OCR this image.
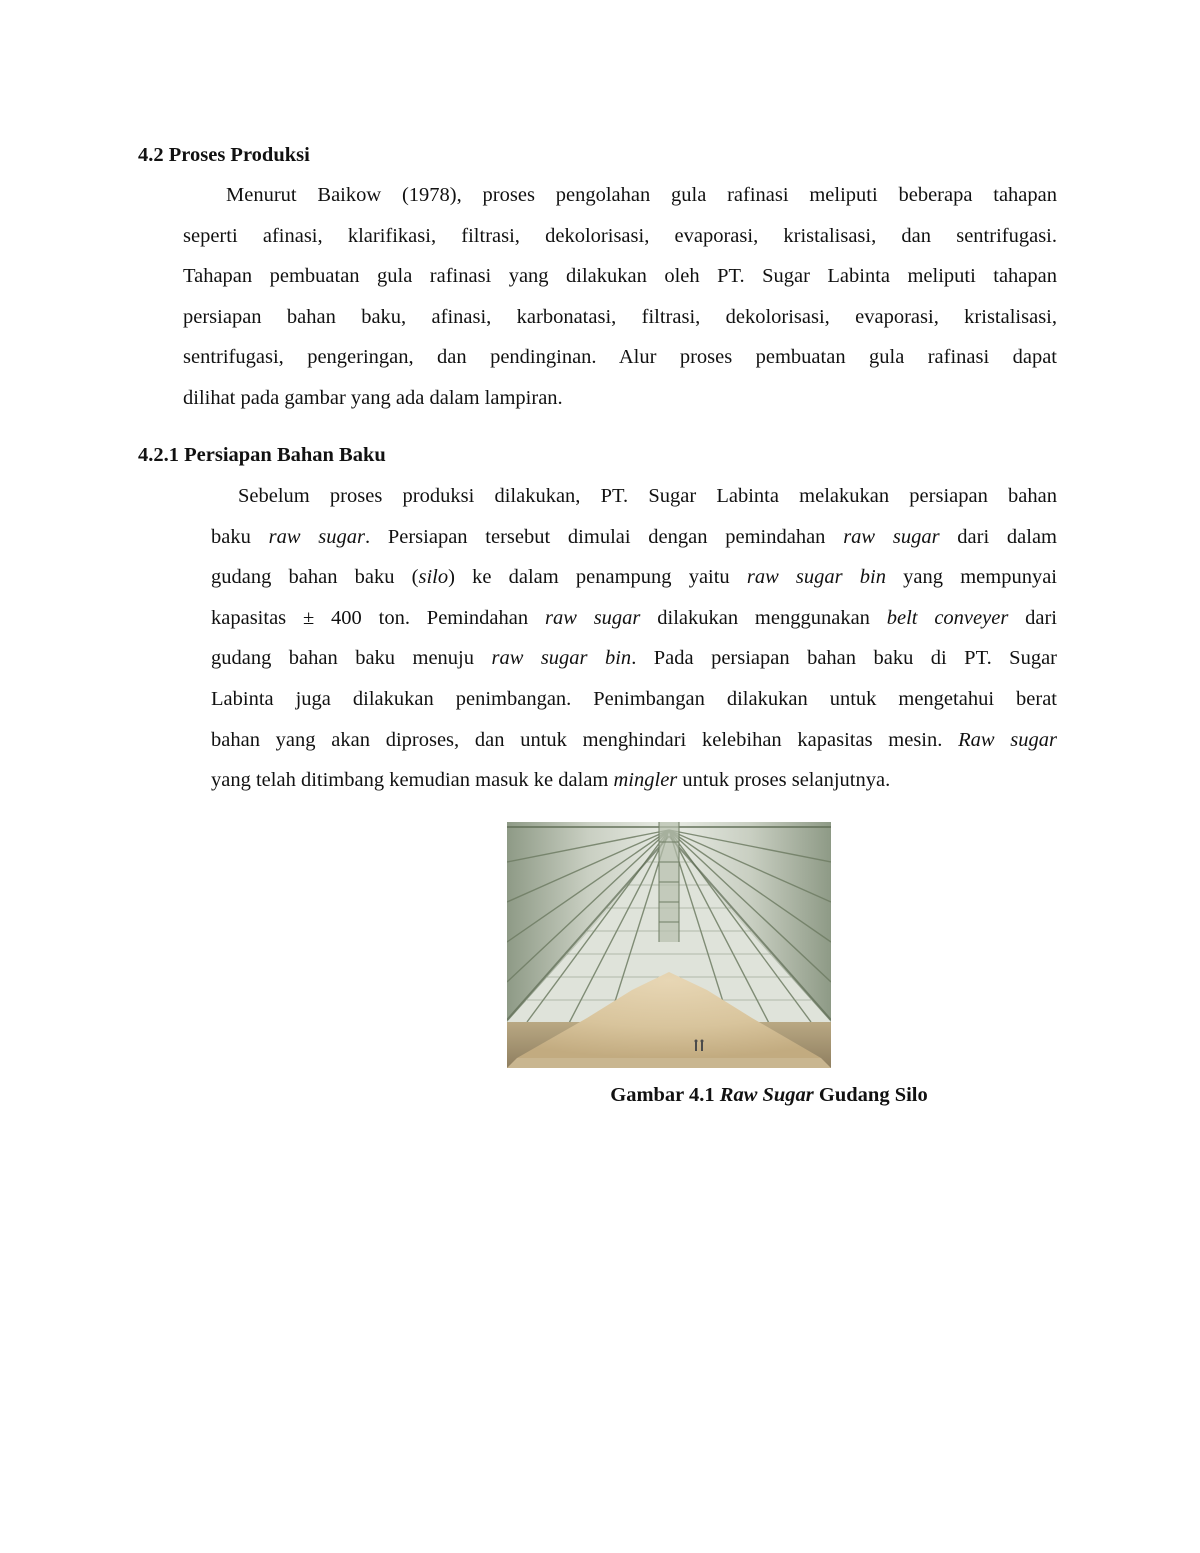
4.2 Proses Produksi
Menurut Baikow (1978), proses pengolahan gula rafinasi meliputi beberapa tahapan
seperti afinasi, klarifikasi, filtrasi, dekolorisasi, evaporasi, kristalisasi, dan sentrifugasi.
Tahapan pembuatan gula rafinasi yang dilakukan oleh PT. Sugar Labinta meliputi tahapan
persiapan bahan baku, afinasi, karbonatasi, filtrasi, dekolorisasi, evaporasi, kristalisasi,
sentrifugasi, pengeringan, dan pendinginan. Alur proses pembuatan gula rafinasi dapat
dilihat pada gambar yang ada dalam lampiran.
4.2.1 Persiapan Bahan Baku
Sebelum proses produksi dilakukan, PT. Sugar Labinta melakukan persiapan bahan
baku raw sugar. Persiapan tersebut dimulai dengan pemindahan raw sugar dari dalam
gudang bahan baku (silo) ke dalam penampung yaitu raw sugar bin yang mempunyai
kapasitas ± 400 ton. Pemindahan raw sugar dilakukan menggunakan belt conveyer dari
gudang bahan baku menuju raw sugar bin. Pada persiapan bahan baku di PT. Sugar
Labinta juga dilakukan penimbangan. Penimbangan dilakukan untuk mengetahui berat
bahan yang akan diproses, dan untuk menghindari kelebihan kapasitas mesin. Raw sugar
yang telah ditimbang kemudian masuk ke dalam mingler untuk proses selanjutnya.
Gambar 4.1 Raw Sugar Gudang Silo
